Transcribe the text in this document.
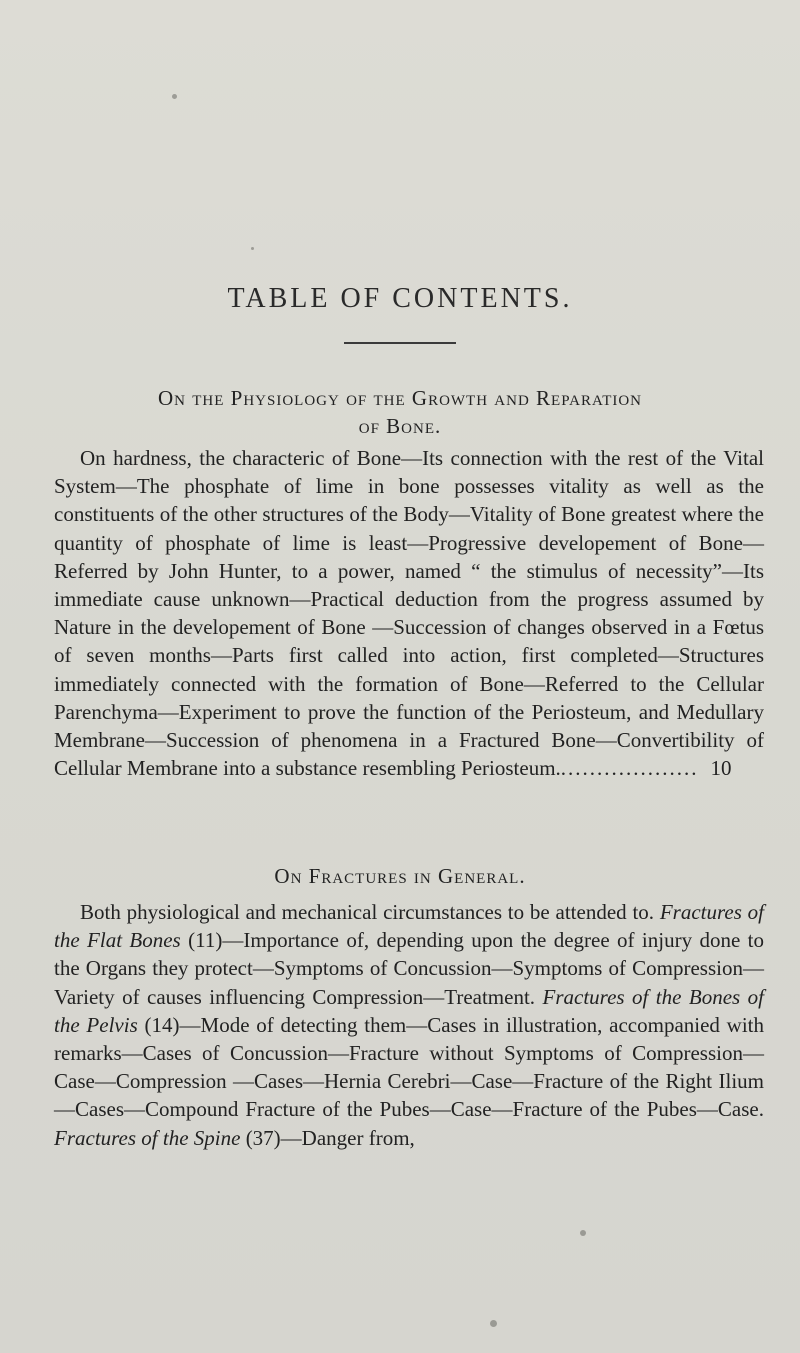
TABLE OF CONTENTS.
On the Physiology of the Growth and Reparation
of Bone.
On hardness, the characteric of Bone—Its connection with the rest of the Vital System—The phosphate of lime in bone possesses vitality as well as the constituents of the other structures of the Body—Vitality of Bone greatest where the quantity of phosphate of lime is least—Progressive developement of Bone—Referred by John Hunter, to a power, named “ the stimulus of necessity”—Its immediate cause unknown—Practical deduction from the progress assumed by Nature in the developement of Bone —Succession of changes observed in a Fœtus of seven months—Parts first called into action, first completed—Structures immediately connected with the formation of Bone—Referred to the Cellular Parenchyma—Experiment to prove the function of the Periosteum, and Medullary Membrane—Succession of phenomena in a Fractured Bone—Convertibility of Cellular Membrane into a substance resembling Periosteum.................... 10
On Fractures in General.
Both physiological and mechanical circumstances to be attended to. Fractures of the Flat Bones (11)—Importance of, depending upon the degree of injury done to the Organs they protect—Symptoms of Concussion—Symptoms of Compression—Variety of causes influencing Compression—Treatment. Fractures of the Bones of the Pelvis (14)—Mode of detecting them—Cases in illustration, accompanied with remarks—Cases of Concussion—Fracture without Symptoms of Compression—Case—Compression —Cases—Hernia Cerebri—Case—Fracture of the Right Ilium—Cases—Compound Fracture of the Pubes—Case—Fracture of the Pubes—Case. Fractures of the Spine (37)—Danger from,
